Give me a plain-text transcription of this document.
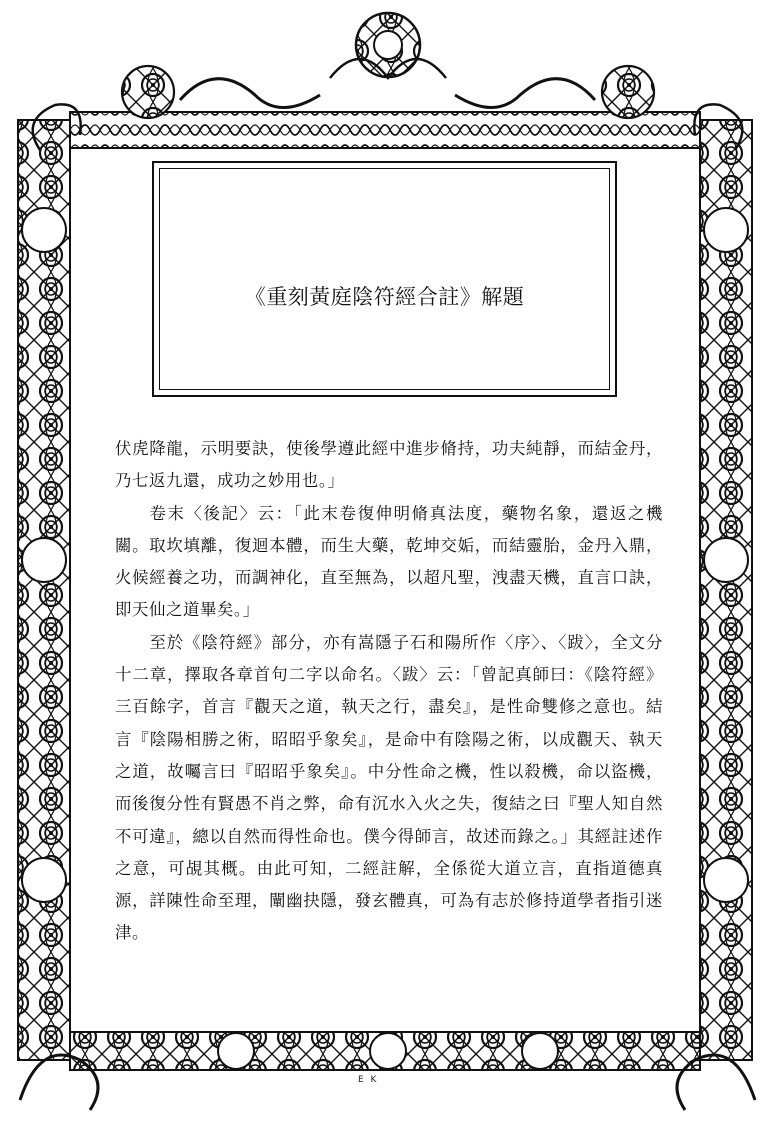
《重刻黃庭陰符經合註》解題

伏虎降龍，示明要訣，使後學遵此經中進步脩持，功夫純靜，而結金丹，乃七返九還，成功之妙用也。」

卷末〈後記〉云：「此末卷復伸明脩真法度，藥物名象，還返之機關。取坎填離，復迴本體，而生大藥，乾坤交姤，而結靈胎，金丹入鼎，火候經養之功，而調神化，直至無為，以超凡聖，洩盡天機，直言口訣，即天仙之道畢矣。」

至於《陰符經》部分，亦有嵩隱子石和陽所作〈序〉、〈跋〉，全文分十二章，擇取各章首句二字以命名。〈跋〉云：「曾記真師曰：《陰符經》三百餘字，首言『觀天之道，執天之行，盡矣』，是性命雙修之意也。結言『陰陽相勝之術，昭昭乎象矣』，是命中有陰陽之術，以成觀天、執天之道，故囑言曰『昭昭乎象矣』。中分性命之機，性以殺機，命以盜機，而後復分性有賢愚不肖之弊，命有沉水入火之失，復結之曰『聖人知自然不可違』，總以自然而得性命也。僕今得師言，故述而錄之。」其經註述作之意，可覘其概。由此可知，二經註解，全係從大道立言，直指道德真源，詳陳性命至理，闡幽抉隱，發玄體真，可為有志於修持道學者指引迷津。

E K
